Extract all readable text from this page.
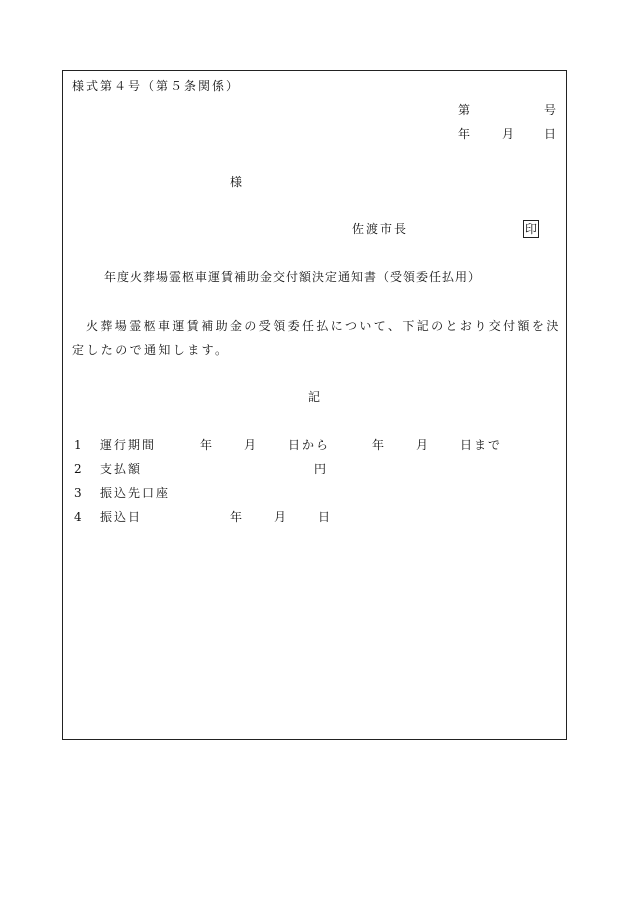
様式第４号（第５条関係）
第	号
年 月 日
様
佐渡市長	印
年度火葬場霊柩車運賃補助金交付額決定通知書（受領委任払用）
火葬場霊柩車運賃補助金の受領委任払について、下記のとおり交付額を決
定したので通知します。
記
1 運行期間	年 月 日から	年 月 日まで
2 支払額	円
3 振込先口座
4 振込日	年 月 日
